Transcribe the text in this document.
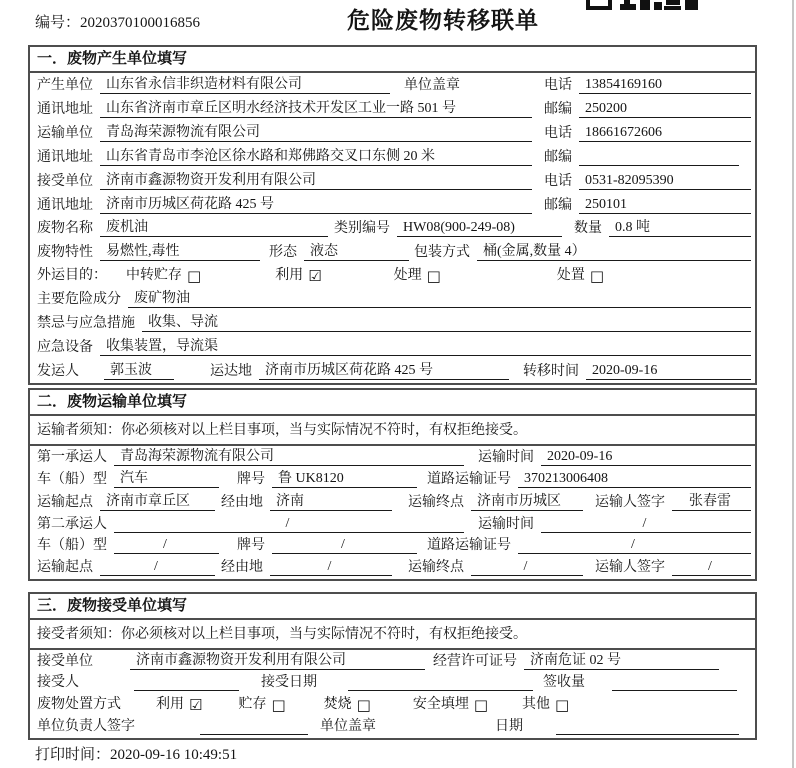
编号：2020370100016856	危险废物转移联单
一．废物产生单位填写
产生单位 山东省永信非织造材料有限公司	单位盖章	电话 13854169160
通讯地址 山东省济南市章丘区明水经济技术开发区工业一路 501 号	邮编 250200
运输单位 青岛海荣源物流有限公司	电话 18661672606
通讯地址 山东省青岛市李沧区徐水路和郑佛路交叉口东侧 20 米	邮编
接受单位 济南市鑫源物资开发利用有限公司	电话 0531-82095390
通讯地址 济南市历城区荷花路 425 号	邮编 250101
废物名称 废机油	类别编号 HW08(900-249-08)	数量 0.8 吨
废物特性 易燃性,毒性	形态 液态	包装方式 桶(金属,数量 4）
外运目的： 中转贮存 □	利用 ☑	处理 □	处置 □
主要危险成分 废矿物油
禁忌与应急措施 收集、导流
应急设备 收集装置，导流渠
发运人	郭玉波	运达地 济南市历城区荷花路 425 号	转移时间 2020-09-16
二．废物运输单位填写
运输者须知：你必须核对以上栏目事项，当与实际情况不符时，有权拒绝接受。
第一承运人 青岛海荣源物流有限公司	运输时间 2020-09-16
车（船）型 汽车	牌号 鲁 UK8120	道路运输证号 370213006408
运输起点 济南市章丘区	经由地 济南	运输终点 济南市历城区	运输人签字	张春雷
第二承运人	/	运输时间	/
车（船）型	/	牌号	/	道路运输证号	/
运输起点	/	经由地	/	运输终点	/	运输人签字	/
三．废物接受单位填写
接受者须知：你必须核对以上栏目事项，当与实际情况不符时，有权拒绝接受。
接受单位	济南市鑫源物资开发利用有限公司	经营许可证号 济南危证 02 号
接受人	接受日期	签收量
废物处置方式	利用 ☑	贮存 □	焚烧 □	安全填埋 □ 其他 □
单位负责人签字	单位盖章	日期
打印时间：2020-09-16 10:49:51
